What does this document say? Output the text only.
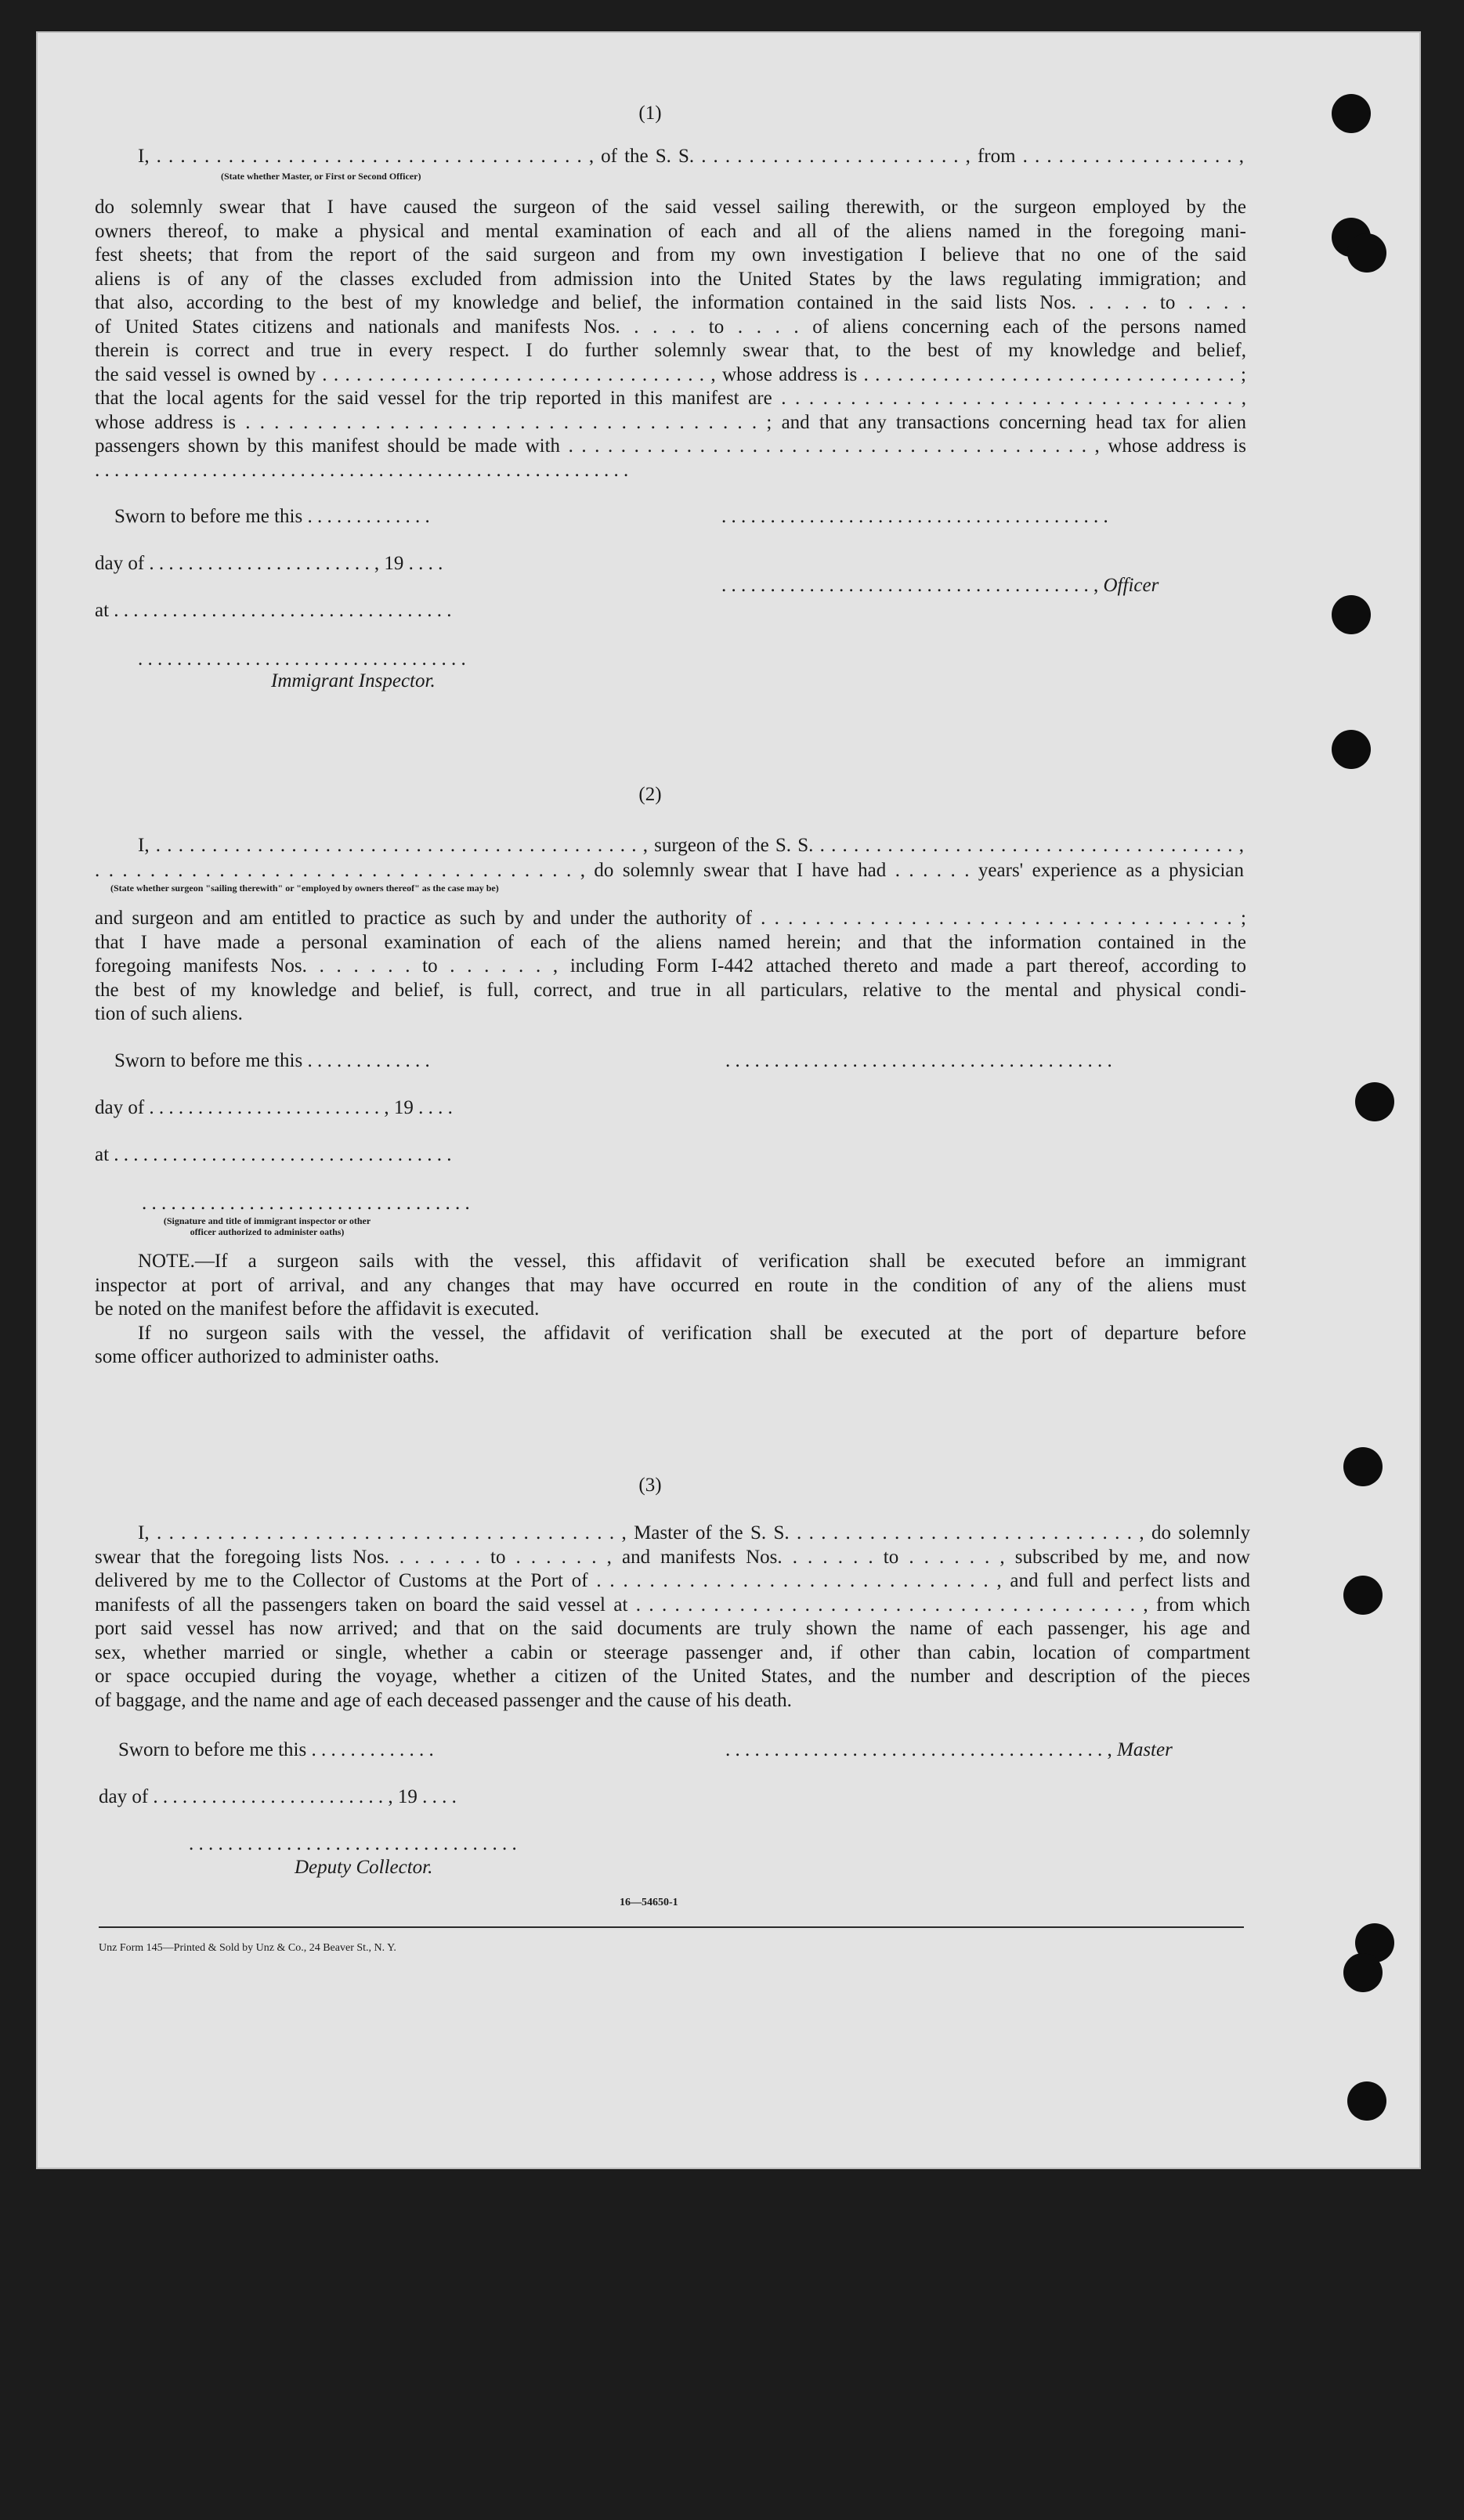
(1)
I, . . . . . . . . . . . . . . . . . . . . . . . . . . . . . . . . . . . . , of the S. S. . . . . . . . . . . . . . . . . . . . . . . , from . . . . . . . . . . . . . . . . . . ,
(State whether Master, or First or Second Officer)
do solemnly swear that I have caused the surgeon of the said vessel sailing therewith, or the surgeon employed by the
owners thereof, to make a physical and mental examination of each and all of the aliens named in the foregoing mani-
fest sheets; that from the report of the said surgeon and from my own investigation I believe that no one of the said
aliens is of any of the classes excluded from admission into the United States by the laws regulating immigration; and
that also, according to the best of my knowledge and belief, the information contained in the said lists Nos. . . . . to . . . .
of United States citizens and nationals and manifests Nos. . . . . to . . . . of aliens concerning each of the persons named
therein is correct and true in every respect. I do further solemnly swear that, to the best of my knowledge and belief,
the said vessel is owned by . . . . . . . . . . . . . . . . . . . . . . . . . . . . . . . . . . , whose address is . . . . . . . . . . . . . . . . . . . . . . . . . . . . . . . . . ;
that the local agents for the said vessel for the trip reported in this manifest are . . . . . . . . . . . . . . . . . . . . . . . . . . . . . . . . . ,
whose address is . . . . . . . . . . . . . . . . . . . . . . . . . . . . . . . . . . . . ; and that any transactions concerning head tax for alien
passengers shown by this manifest should be made with . . . . . . . . . . . . . . . . . . . . . . . . . . . . . . . . . . . . . . . . , whose address is
. . . . . . . . . . . . . . . . . . . . . . . . . . . . . . . . . . . . . . . . . . . . . . . . . . . . . . .
Sworn to before me this . . . . . . . . . . . . .	. . . . . . . . . . . . . . . . . . . . . . . . . . . . . . . . . . . . . . . .
day of . . . . . . . . . . . . . . . . . . . . . . . , 19 . . . .
. . . . . . . . . . . . . . . . . . . . . . . . . . . . . . . . . . . . . . , Officer
at . . . . . . . . . . . . . . . . . . . . . . . . . . . . . . . . . . .
. . . . . . . . . . . . . . . . . . . . . . . . . . . . . . . . . .
Immigrant Inspector.
(2)
I, . . . . . . . . . . . . . . . . . . . . . . . . . . . . . . . . . . . . . . . . . . . , surgeon of the S. S. . . . . . . . . . . . . . . . . . . . . . . . . . . . . . . . . . . . . . ,
. . . . . . . . . . . . . . . . . . . . . . . . . . . . . . . . . . . , do solemnly swear that I have had . . . . . . years' experience as a physician
(State whether surgeon "sailing therewith" or "employed by owners thereof" as the case may be)
and surgeon and am entitled to practice as such by and under the authority of . . . . . . . . . . . . . . . . . . . . . . . . . . . . . . . . . . . ;
that I have made a personal examination of each of the aliens named herein; and that the information contained in the
foregoing manifests Nos. . . . . . . to . . . . . . , including Form I-442 attached thereto and made a part thereof, according to
the best of my knowledge and belief, is full, correct, and true in all particulars, relative to the mental and physical condi-
tion of such aliens.
Sworn to before me this . . . . . . . . . . . . .	. . . . . . . . . . . . . . . . . . . . . . . . . . . . . . . . . . . . . . . .
day of . . . . . . . . . . . . . . . . . . . . . . . . , 19 . . . .
at . . . . . . . . . . . . . . . . . . . . . . . . . . . . . . . . . . .
. . . . . . . . . . . . . . . . . . . . . . . . . . . . . . . . . .
(Signature and title of immigrant inspector or other officer authorized to administer oaths)
NOTE.—If a surgeon sails with the vessel, this affidavit of verification shall be executed before an immigrant
inspector at port of arrival, and any changes that may have occurred en route in the condition of any of the aliens must
be noted on the manifest before the affidavit is executed.
If no surgeon sails with the vessel, the affidavit of verification shall be executed at the port of departure before
some officer authorized to administer oaths.
(3)
I, . . . . . . . . . . . . . . . . . . . . . . . . . . . . . . . . . . . . . . , Master of the S. S. . . . . . . . . . . . . . . . . . . . . . . . . . . . . , do solemnly
swear that the foregoing lists Nos. . . . . . . to . . . . . . , and manifests Nos. . . . . . . to . . . . . . , subscribed by me, and now
delivered by me to the Collector of Customs at the Port of . . . . . . . . . . . . . . . . . . . . . . . . . . . . . . , and full and perfect lists and
manifests of all the passengers taken on board the said vessel at . . . . . . . . . . . . . . . . . . . . . . . . . . . . . . . . . . . . . . . , from which
port said vessel has now arrived; and that on the said documents are truly shown the name of each passenger, his age and
sex, whether married or single, whether a cabin or steerage passenger and, if other than cabin, location of compartment
or space occupied during the voyage, whether a citizen of the United States, and the number and description of the pieces
of baggage, and the name and age of each deceased passenger and the cause of his death.
Sworn to before me this . . . . . . . . . . . . .	. . . . . . . . . . . . . . . . . . . . . . . . . . . . . . . . . . . . . . . , Master
day of . . . . . . . . . . . . . . . . . . . . . . . . , 19 . . . .
. . . . . . . . . . . . . . . . . . . . . . . . . . . . . . . . . .
Deputy Collector.
16—54650-1
Unz Form 145—Printed & Sold by Unz & Co., 24 Beaver St., N. Y.
